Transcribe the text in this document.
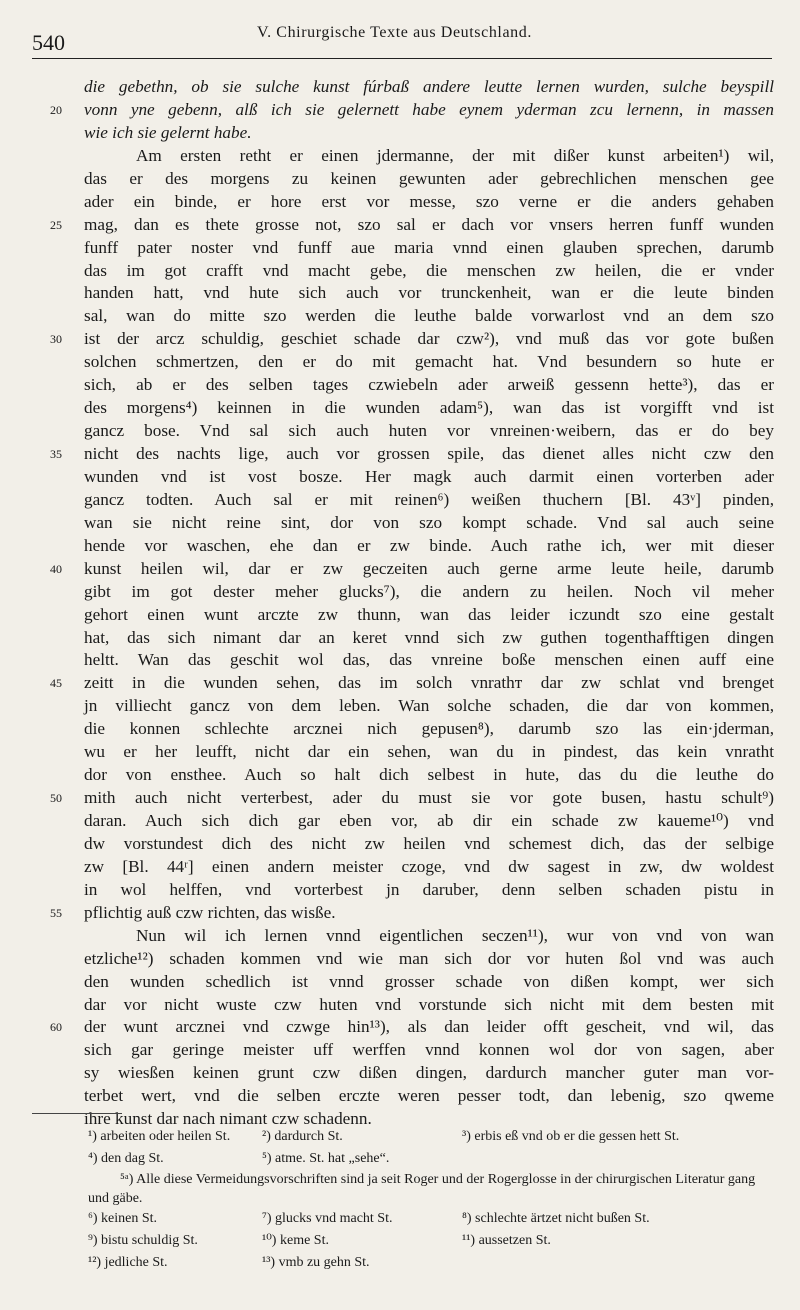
540	V. Chirurgische Texte aus Deutschland.
die gebethn, ob sie sulche kunst fúrbaß andere leutte lernen wurden, sulche beyspill
20	vonn yne gebenn, alß ich sie gelernett habe eynem yderman zcu lernenn, in massen
wie ich sie gelernt habe.
Am ersten retht er einen jdermanne, der mit dißer kunst arbeiten¹) wil,
das er des morgens zu keinen gewunten ader gebrechlichen menschen gee
ader ein binde, er hore erst vor messe, szo verne er die anders gehaben
25	mag, dan es thete grosse not, szo sal er dach vor vnsers herren funff wunden
funff pater noster vnd funff aue maria vnnd einen glauben sprechen, darumb
das im got crafft vnd macht gebe, die menschen zw heilen, die er vnder
handen hatt, vnd hute sich auch vor trunckenheit, wan er die leute binden
sal, wan do mitte szo werden die leuthe balde vorwarlost vnd an dem szo
30	ist der arcz schuldig, geschiet schade dar czw²), vnd muß das vor gote bußen
solchen schmertzen, den er do mit gemacht hat. Vnd besundern so hute er
sich, ab er des selben tages czwiebeln ader arweiß gessenn hette³), das er
des morgens⁴) keinnen in die wunden adam⁵), wan das ist vorgifft vnd ist
gancz bose. Vnd sal sich auch huten vor vnreinen·weibern, das er do bey
35	nicht des nachts lige, auch vor grossen spile, das dienet alles nicht czw den
wunden vnd ist vost bosze. Her magk auch darmit einen vorterben ader
gancz todten. Auch sal er mit reinen⁶) weißen thuchern [Bl. 43ᵛ] pinden,
wan sie nicht reine sint, dor von szo kompt schade. Vnd sal auch seine
hende vor waschen, ehe dan er zw binde. Auch rathe ich, wer mit dieser
40	kunst heilen wil, dar er zw geczeiten auch gerne arme leute heile, darumb
gibt im got dester meher glucks⁷), die andern zu heilen. Noch vil meher
gehort einen wunt arczte zw thunn, wan das leider iczundt szo eine gestalt
hat, das sich nimant dar an keret vnnd sich zw guthen togenthafftigen dingen
heltt. Wan das geschit wol das, das vnreine boße menschen einen auff eine
45	zeitt in die wunden sehen, das im solch vnrathт dar zw schlat vnd brenget
jn villiecht gancz von dem leben. Wan solche schaden, die dar von kommen,
die konnen schlechte arcznei nich gepusen⁸), darumb szo las ein·jderman,
wu er her leufft, nicht dar ein sehen, wan du in pindest, das kein vnratht
dor von ensthee. Auch so halt dich selbest in hute, das du die leuthe do
50	mith auch nicht verterbest, ader du must sie vor gote busen, hastu schult⁹)
daran. Auch sich dich gar eben vor, ab dir ein schade zw kaueme¹⁰) vnd
dw vorstundest dich des nicht zw heilen vnd schemest dich, das der selbige
zw [Bl. 44ʳ] einen andern meister czoge, vnd dw sagest in zw, dw woldest
in wol helffen, vnd vorterbest jn daruber, denn selben schaden pistu in
55	pflichtig auß czw richten, das wisße.
Nun wil ich lernen vnnd eigentlichen seczen¹¹), wur von vnd von wan
etzliche¹²) schaden kommen vnd wie man sich dor vor huten ßol vnd was auch
den wunden schedlich ist vnnd grosser schade von dißen kompt, wer sich
dar vor nicht wuste czw huten vnd vorstunde sich nicht mit dem besten mit
60	der wunt arcznei vnd czwge hin¹³), als dan leider offt gescheit, vnd wil, das
sich gar geringe meister uff werffen vnnd konnen wol dor von sagen, aber
sy wiesßen keinen grunt czw dißen dingen, dardurch mancher guter man vor-
terbet wert, vnd die selben erczte weren pesser todt, dan lebenig, szo qweme
ihre kunst dar nach nimant czw schadenn.
¹) arbeiten oder heilen St. ²) dardurch St.	³) erbis eß vnd ob er die gessen hett St.
⁴) den dag St.	⁵) atme. St. hat „sehe“.
⁵ᵃ) Alle diese Vermeidungsvorschriften sind ja seit Roger und der Rogerglosse in der chirurgischen Literatur gang und gäbe.
⁶) keinen St.	⁷) glucks vnd macht St.	⁸) schlechte ärtzet nicht bußen St.
⁹) bistu schuldig St.	¹⁰) keme St.	¹¹) aussetzen St.
¹²) jedliche St.	¹³) vmb zu gehn St.
